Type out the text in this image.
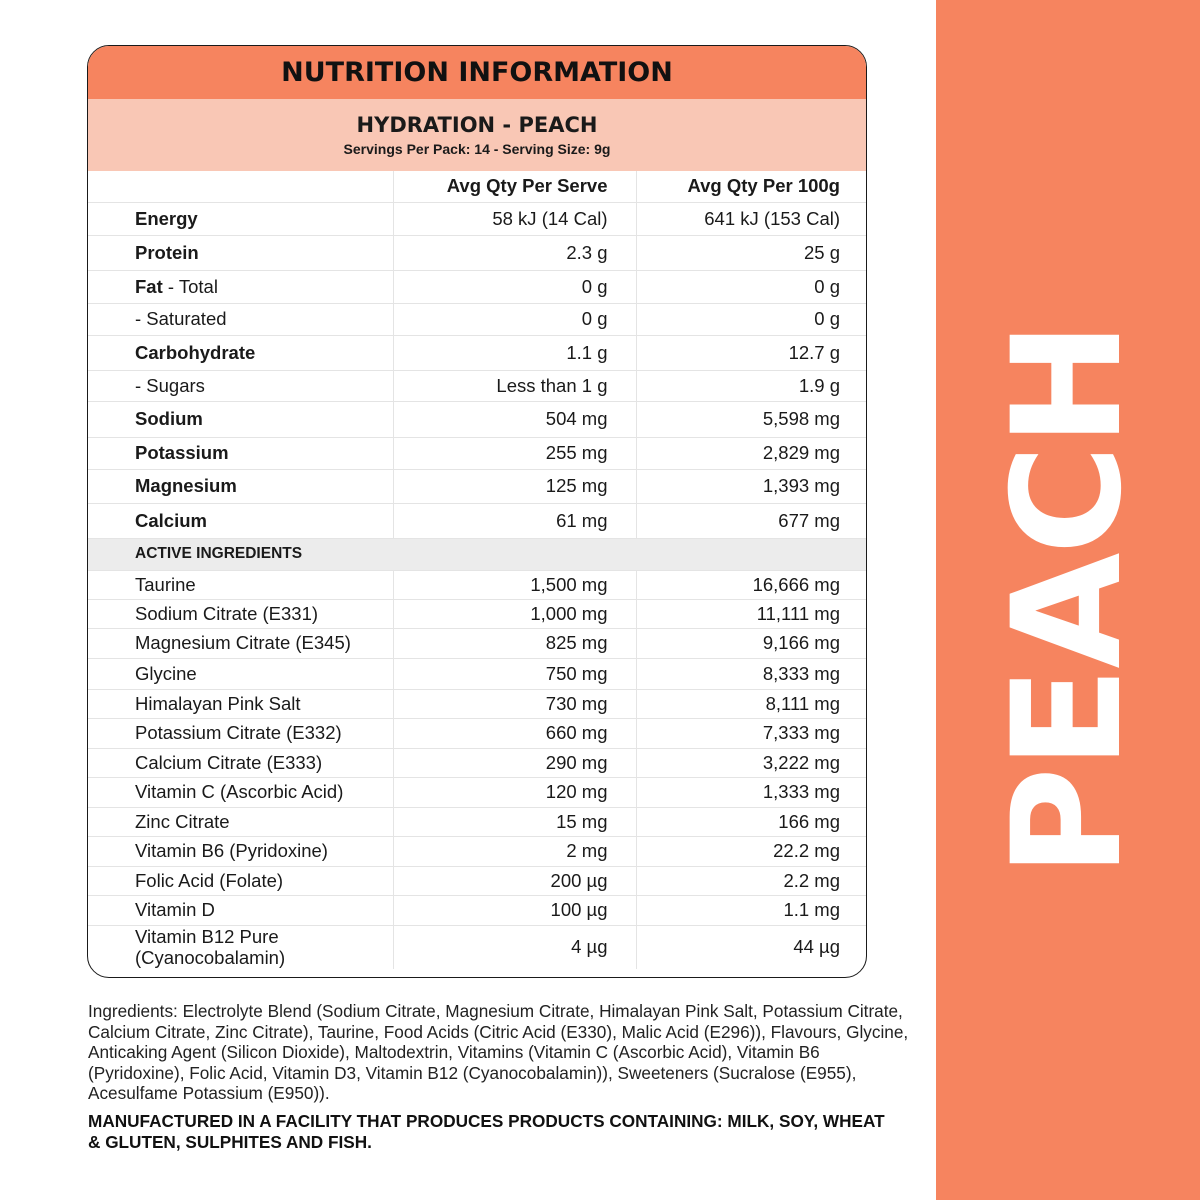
PEACH
NUTRITION INFORMATION
HYDRATION - PEACH
Servings Per Pack: 14 - Serving Size: 9g
	Avg Qty Per Serve	Avg Qty Per 100g
Energy	58 kJ (14 Cal)	641 kJ (153 Cal)
Protein	2.3 g	25 g
Fat - Total	0 g	0 g
- Saturated	0 g	0 g
Carbohydrate	1.1 g	12.7 g
- Sugars	Less than 1 g	1.9 g
Sodium	504 mg	5,598 mg
Potassium	255 mg	2,829 mg
Magnesium	125 mg	1,393 mg
Calcium	61 mg	677 mg
ACTIVE INGREDIENTS		
Taurine	1,500 mg	16,666 mg
Sodium Citrate (E331)	1,000 mg	11,111 mg
Magnesium Citrate (E345)	825 mg	9,166 mg
Glycine	750 mg	8,333 mg
Himalayan Pink Salt	730 mg	8,111 mg
Potassium Citrate (E332)	660 mg	7,333 mg
Calcium Citrate (E333)	290 mg	3,222 mg
Vitamin C (Ascorbic Acid)	120 mg	1,333 mg
Zinc Citrate	15 mg	166 mg
Vitamin B6 (Pyridoxine)	2 mg	22.2 mg
Folic Acid (Folate)	200 µg	2.2 mg
Vitamin D	100 µg	1.1 mg
Vitamin B12 Pure (Cyanocobalamin)	4 µg	44 µg
Ingredients: Electrolyte Blend (Sodium Citrate, Magnesium Citrate, Himalayan Pink Salt, Potassium Citrate, Calcium Citrate, Zinc Citrate), Taurine, Food Acids (Citric Acid (E330), Malic Acid (E296)), Flavours, Glycine, Anticaking Agent (Silicon Dioxide), Maltodextrin, Vitamins (Vitamin C (Ascorbic Acid), Vitamin B6 (Pyridoxine), Folic Acid, Vitamin D3, Vitamin B12 (Cyanocobalamin)), Sweeteners (Sucralose (E955), Acesulfame Potassium (E950)).
MANUFACTURED IN A FACILITY THAT PRODUCES PRODUCTS CONTAINING: MILK, SOY, WHEAT & GLUTEN, SULPHITES AND FISH.
